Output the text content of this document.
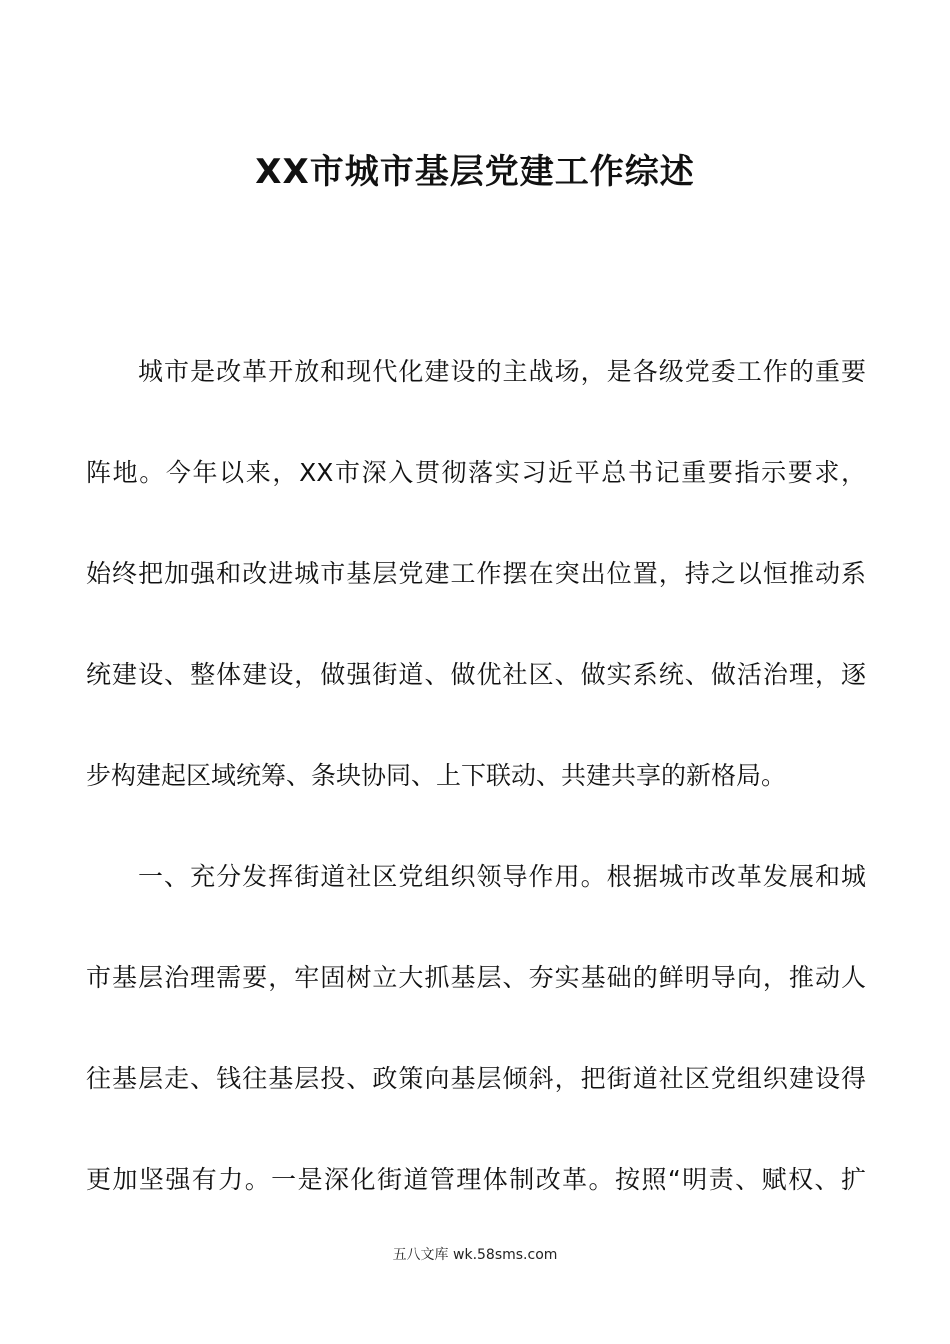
XX市城市基层党建工作综述
城市是改革开放和现代化建设的主战场，是各级党委工作的重要
阵地。今年以来，XX市深入贯彻落实习近平总书记重要指示要求，
始终把加强和改进城市基层党建工作摆在突出位置，持之以恒推动系
统建设、整体建设，做强街道、做优社区、做实系统、做活治理，逐
步构建起区域统筹、条块协同、上下联动、共建共享的新格局。
一、充分发挥街道社区党组织领导作用。根据城市改革发展和城
市基层治理需要，牢固树立大抓基层、夯实基础的鲜明导向，推动人
往基层走、钱往基层投、政策向基层倾斜，把街道社区党组织建设得
更加坚强有力。一是深化街道管理体制改革。按照“明责、赋权、扩
五八文库 wk.58sms.com
